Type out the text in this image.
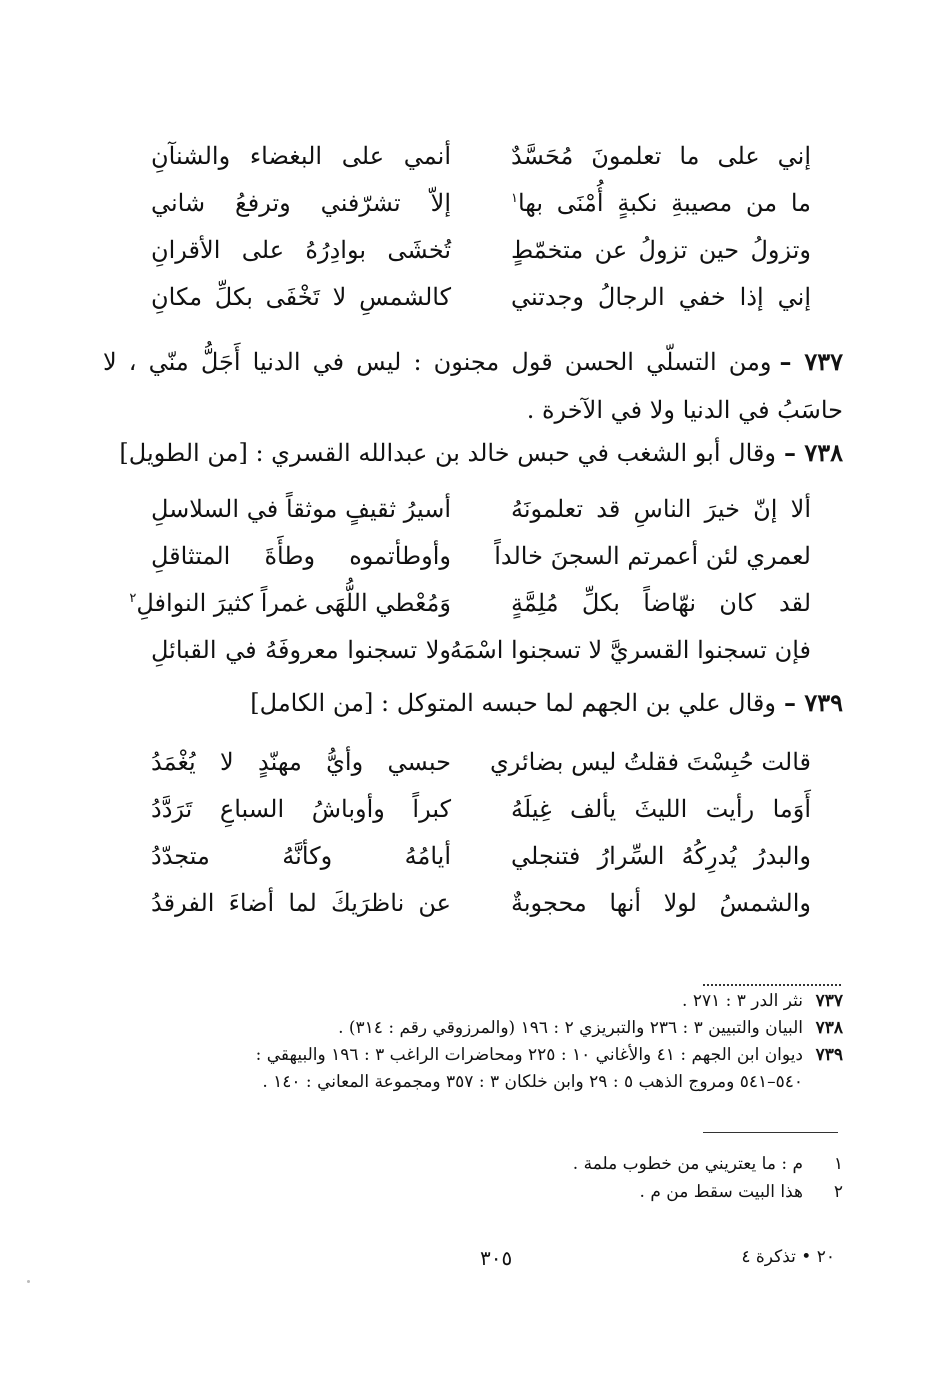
إني على ما تعلمونَ مُحَسَّدٌ
أنمي على البغضاء والشنآنِ
ما من مصيبةِ نكبةٍ أُمْنَى بها$^١$
إلاّ تشرّفني وترفعُ شاني
وتزولُ حين تزولُ عن متخمّطٍ
تُخشَى بوادِرُهُ على الأقرانِ
إني إذا خفي الرجالُ وجدتني
كالشمسِ لا تَخْفَى بكلِّ مكانِ
٧٣٧ –ومن التسلّي الحسن قول مجنون : ليس في الدنيا أَجَلُّ منّي ، لا حاسَبُ في الدنيا ولا في الآخرة .
٧٣٨ –وقال أبو الشغب في حبس خالد بن عبدالله القسري : [من الطويل]
ألا إنّ خيرَ الناسِ قد تعلمونَهُ
أسيرُ ثقيفٍ موثقاً في السلاسلِ
لعمري لئن أعمرتم السجنَ خالداً
وأوطأتموه وطأَةَ المتثاقلِ
لقد كان نهّاضاً بكلِّ مُلِمَّةٍ
وَمُعْطي اللُّهَى غمراً كثيرَ النوافلِ$^٢$
فإن تسجنوا القسريَّ لا تسجنوا اسْمَهُ
ولا تسجنوا معروفَهُ في القبائلِ
٧٣٩ –وقال علي بن الجهم لما حبسه المتوكل : [من الكامل]
قالت حُبِسْتَ فقلتُ ليس بضائري
حبسي وأيُّ مهنّدٍ لا يُغْمَدُ
أَوَما رأيت الليثَ يألف غِيلَهُ
كبراً وأوباشُ السباعِ تَرَدَّدُ
والبدرُ يُدرِكُهُ السِّرارُ فتنجلي
أيامُهُ وكأنَّهُ متجدّدُ
والشمسُ لولا أنها محجوبةٌ
عن ناظرَيكَ لما أضاءَ الفرقدُ
٧٣٧
نثر الدر ٣ : ٢٧١ .
٧٣٨
البيان والتبيين ٣ : ٢٣٦ والتبريزي ٢ : ١٩٦ (والمرزوقي رقم : ٣١٤) .
٧٣٩
ديوان ابن الجهم : ٤١ والأغاني ١٠ : ٢٢٥ ومحاضرات الراغب ٣ : ١٩٦ والبيهقي :
٥٤٠–٥٤١ ومروج الذهب ٥ : ٢٩ وابن خلكان ٣ : ٣٥٧ ومجموعة المعاني : ١٤٠ .
١
م : ما يعتريني من خطوب ملمة .
٢
هذا البيت سقط من م .
٢٠ • تذكرة ٤
٣٠٥
